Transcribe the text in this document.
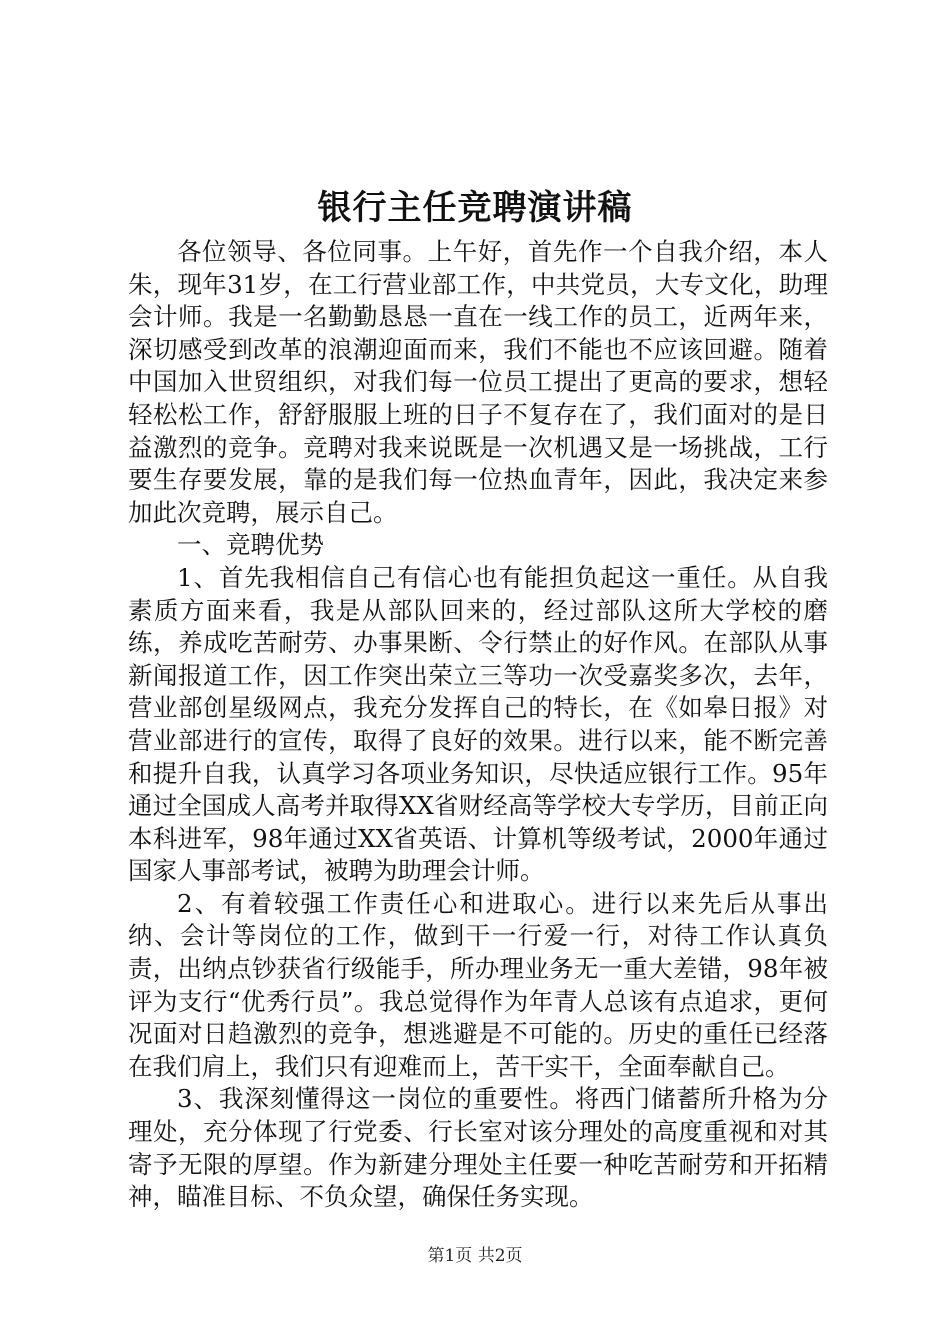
银行主任竞聘演讲稿

各位领导、各位同事。上午好，首先作一个自我介绍，本人朱，现年31岁，在工行营业部工作，中共党员，大专文化，助理会计师。我是一名勤勤恳恳一直在一线工作的员工，近两年来，深切感受到改革的浪潮迎面而来，我们不能也不应该回避。随着中国加入世贸组织，对我们每一位员工提出了更高的要求，想轻轻松松工作，舒舒服服上班的日子不复存在了，我们面对的是日益激烈的竞争。竞聘对我来说既是一次机遇又是一场挑战，工行要生存要发展，靠的是我们每一位热血青年，因此，我决定来参加此次竞聘，展示自己。

一、竞聘优势

1、首先我相信自己有信心也有能担负起这一重任。从自我素质方面来看，我是从部队回来的，经过部队这所大学校的磨练，养成吃苦耐劳、办事果断、令行禁止的好作风。在部队从事新闻报道工作，因工作突出荣立三等功一次受嘉奖多次，去年，营业部创星级网点，我充分发挥自己的特长，在《如皋日报》对营业部进行的宣传，取得了良好的效果。进行以来，能不断完善和提升自我，认真学习各项业务知识，尽快适应银行工作。95年通过全国成人高考并取得XX省财经高等学校大专学历，目前正向本科进军，98年通过XX省英语、计算机等级考试，2000年通过国家人事部考试，被聘为助理会计师。

2、有着较强工作责任心和进取心。进行以来先后从事出纳、会计等岗位的工作，做到干一行爱一行，对待工作认真负责，出纳点钞获省行级能手，所办理业务无一重大差错，98年被评为支行“优秀行员”。我总觉得作为年青人总该有点追求，更何况面对日趋激烈的竞争，想逃避是不可能的。历史的重任已经落在我们肩上，我们只有迎难而上，苦干实干，全面奉献自己。

3、我深刻懂得这一岗位的重要性。将西门储蓄所升格为分理处，充分体现了行党委、行长室对该分理处的高度重视和对其寄予无限的厚望。作为新建分理处主任要一种吃苦耐劳和开拓精神，瞄准目标、不负众望，确保任务实现。

第1页 共2页
